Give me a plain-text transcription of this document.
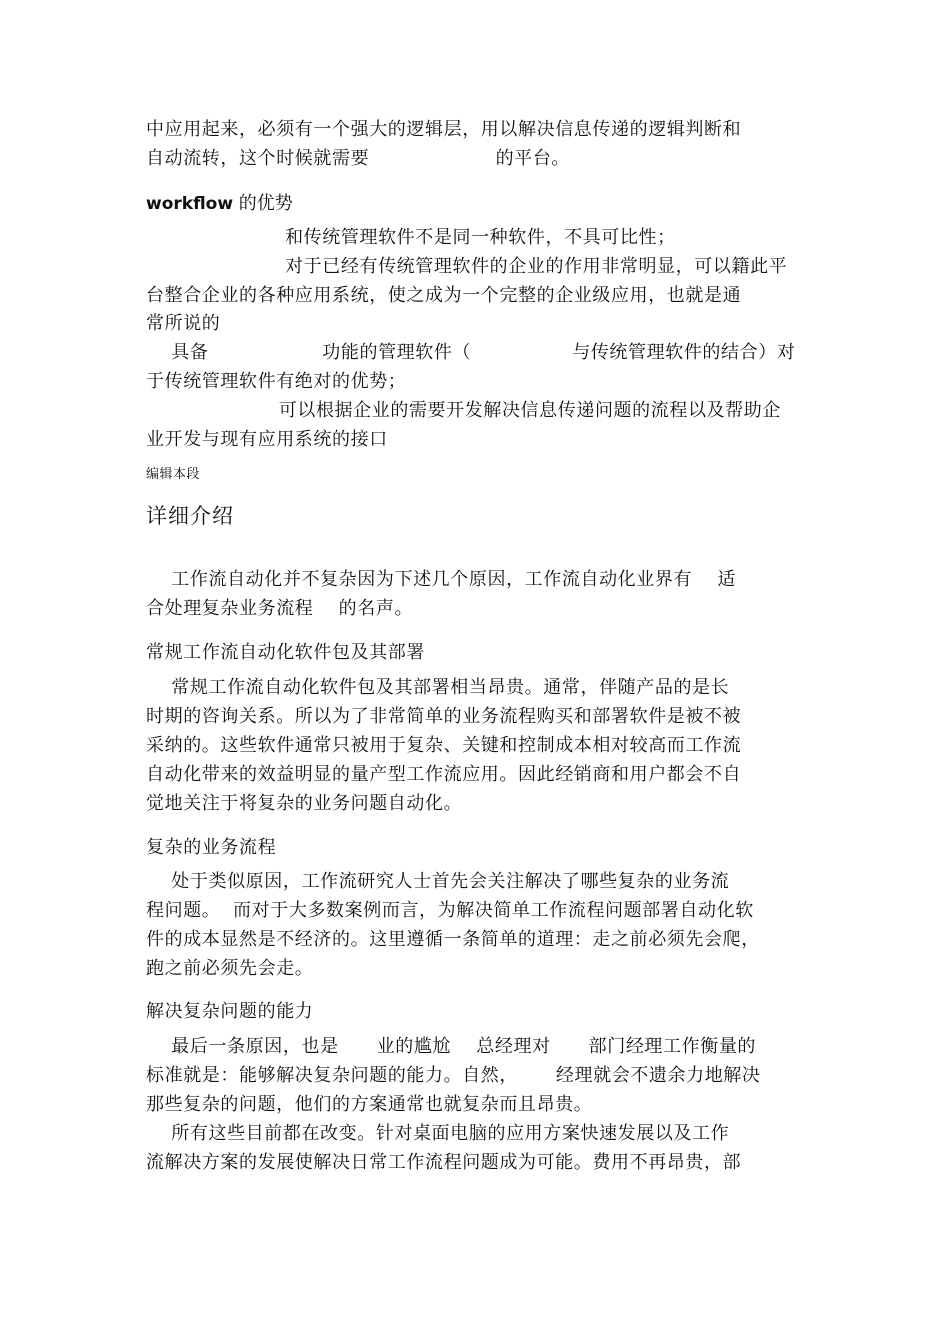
中应用起来，必须有一个强大的逻辑层，用以解决信息传递的逻辑判断和
自动流转，这个时候就需要                    的平台。
workflow 的优势
和传统管理软件不是同一种软件，不具可比性；
对于已经有传统管理软件的企业的作用非常明显，可以籍此平
台整合企业的各种应用系统，使之成为一个完整的企业级应用，也就是通
常所说的
具备                  功能的管理软件（                与传统管理软件的结合）对
于传统管理软件有绝对的优势；
可以根据企业的需要开发解决信息传递问题的流程以及帮助企
业开发与现有应用系统的接口
编辑本段
详细介绍
工作流自动化并不复杂因为下述几个原因，工作流自动化业界有    适
合处理复杂业务流程    的名声。
常规工作流自动化软件包及其部署
常规工作流自动化软件包及其部署相当昂贵。通常，伴随产品的是长
时期的咨询关系。所以为了非常简单的业务流程购买和部署软件是被不被
采纳的。这些软件通常只被用于复杂、关键和控制成本相对较高而工作流
自动化带来的效益明显的量产型工作流应用。因此经销商和用户都会不自
觉地关注于将复杂的业务问题自动化。
复杂的业务流程
处于类似原因，工作流研究人士首先会关注解决了哪些复杂的业务流
程问题。  而对于大多数案例而言，为解决简单工作流程问题部署自动化软
件的成本显然是不经济的。这里遵循一条简单的道理：走之前必须先会爬，
跑之前必须先会走。
解决复杂问题的能力
最后一条原因，也是      业的尴尬    总经理对      部门经理工作衡量的
标准就是：能够解决复杂问题的能力。自然，      经理就会不遗余力地解决
那些复杂的问题，他们的方案通常也就复杂而且昂贵。
所有这些目前都在改变。针对桌面电脑的应用方案快速发展以及工作
流解决方案的发展使解决日常工作流程问题成为可能。费用不再昂贵，部
